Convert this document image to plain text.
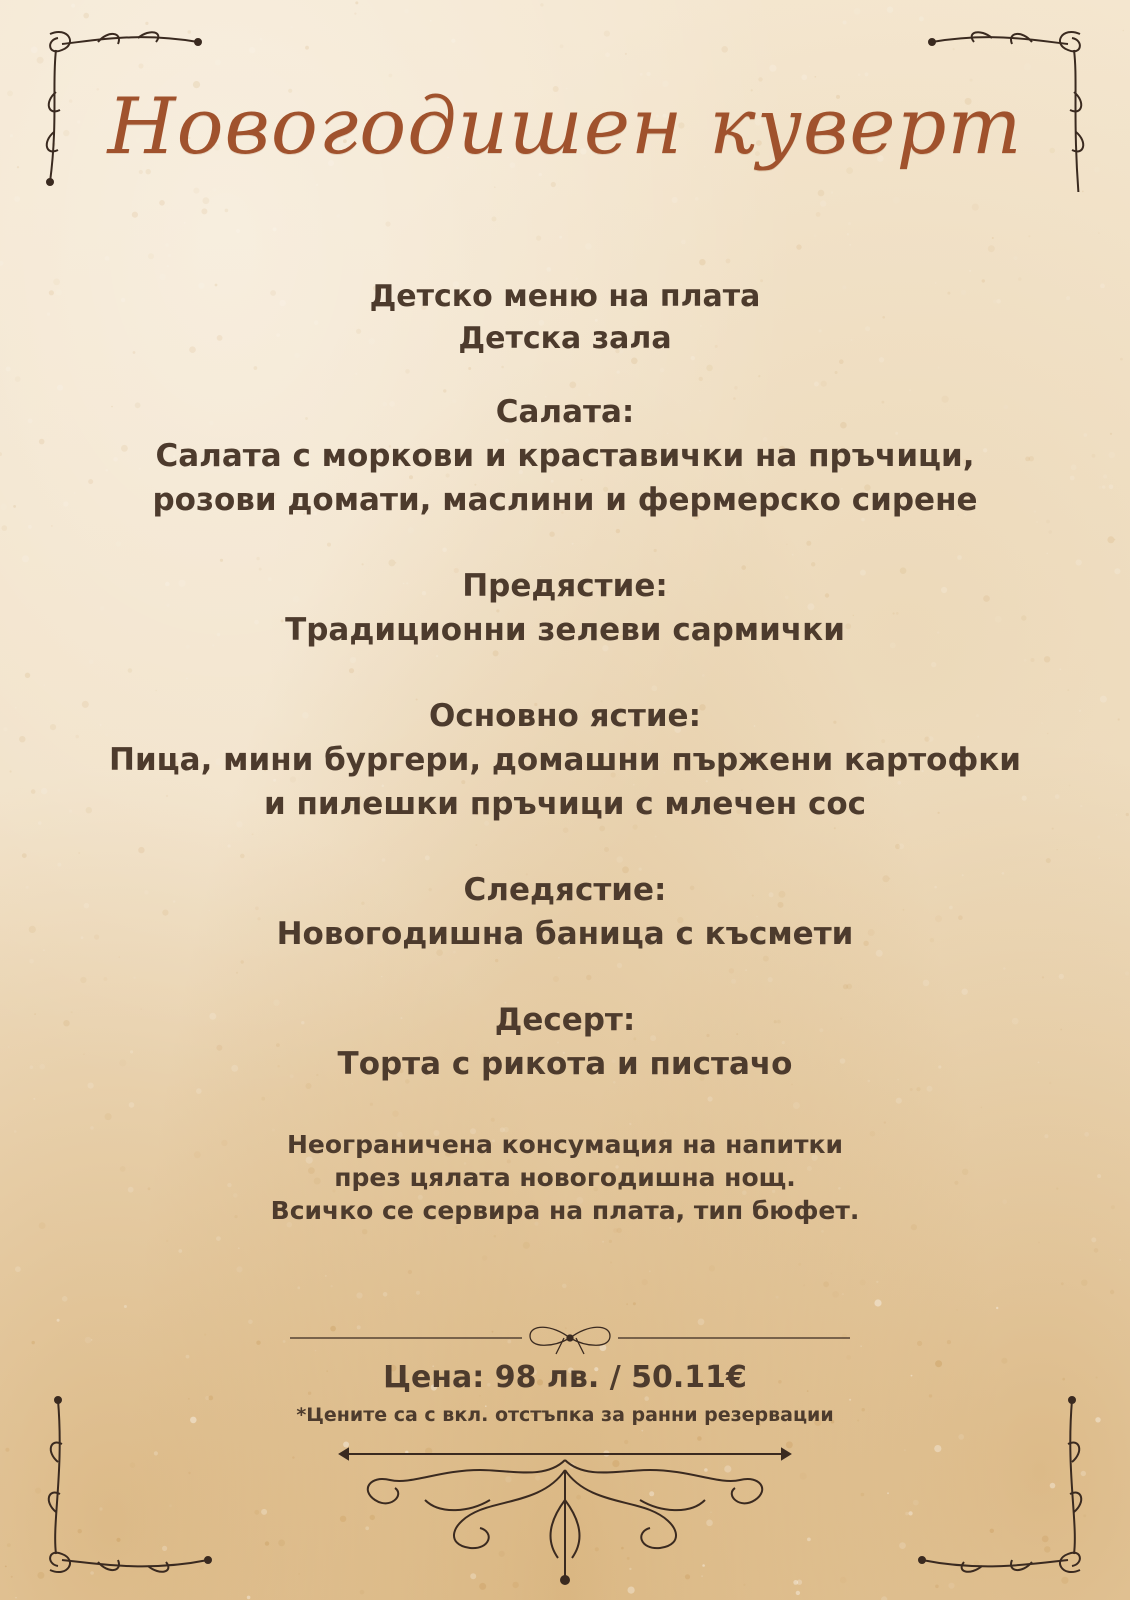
Новогодишен куверт
Детско меню на плата
Детска зала
Салата:
Салата с моркови и краставички на пръчици,
розови домати, маслини и фермерско сирене
Предястие:
Традиционни зелеви сармички
Основно ястие:
Пица, мини бургери, домашни пържени картофки
и пилешки пръчици с млечен сос
Следястие:
Новогодишна баница с късмети
Десерт:
Торта с рикота и пистачо
Неограничена консумация на напитки
през цялата новогодишна нощ.
Всичко се сервира на плата, тип бюфет.
Цена: 98 лв. / 50.11€
*Цените са с вкл. отстъпка за ранни резервации
